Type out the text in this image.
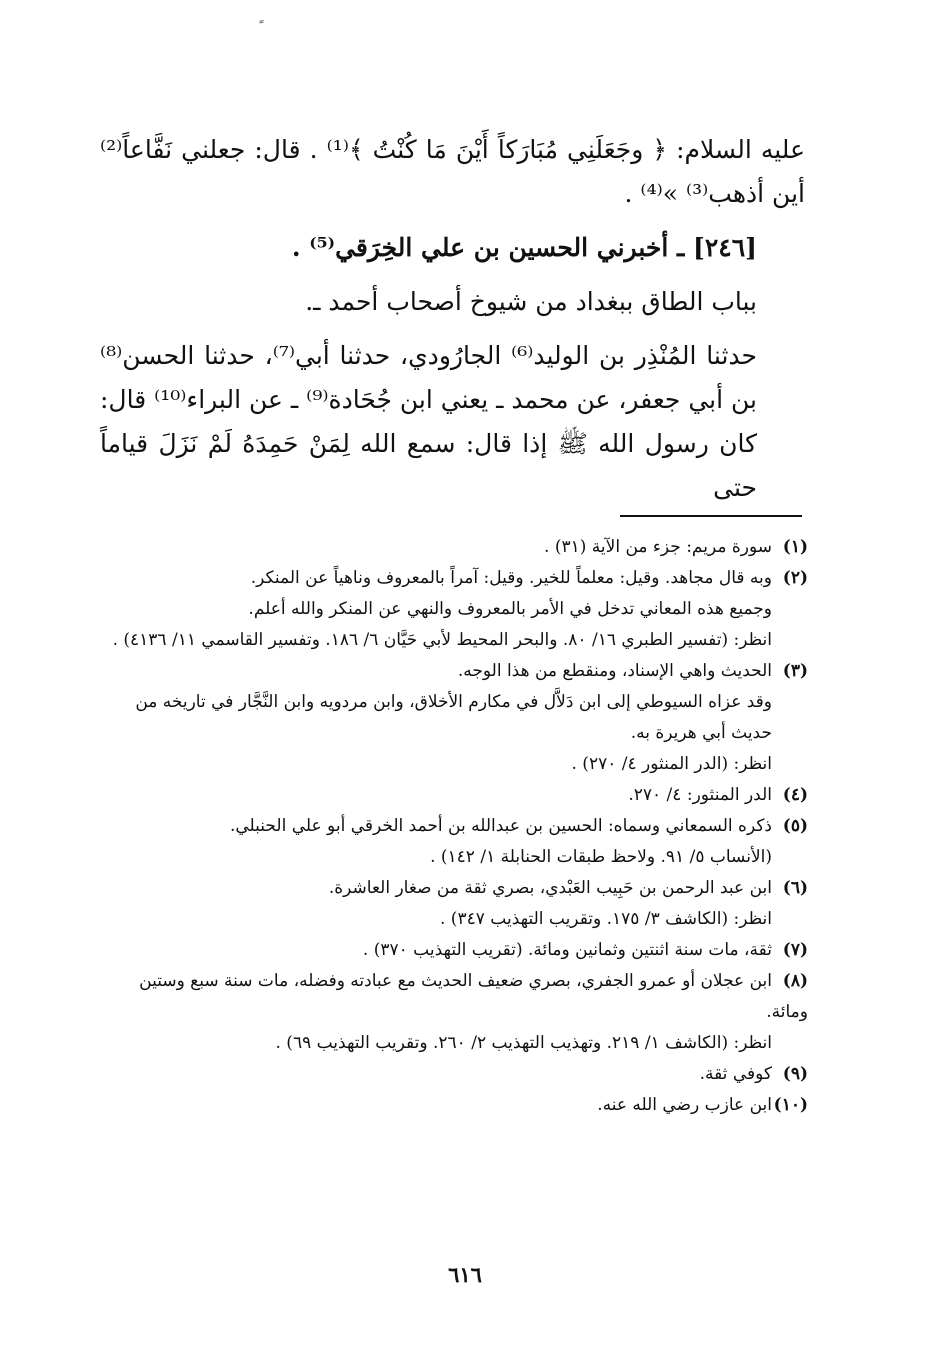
عليه السلام: ﴿ وجَعَلَنِي مُبَارَكاً أَيْنَ مَا كُنْتُ ﴾⁽¹⁾ . قال: جعلني نَفَّاعاً⁽²⁾ أين أذهب⁽³⁾ »⁽⁴⁾ .

[٢٤٦] ـ أخبرني الحسين بن علي الخِرَقي⁽⁵⁾ .

بباب الطاق ببغداد من شيوخ أصحاب أحمد ـ.

حدثنا المُنْذِر بن الوليد⁽⁶⁾ الجارُودي، حدثنا أبي⁽⁷⁾، حدثنا الحسن⁽⁸⁾ بن أبي جعفر، عن محمد ـ يعني ابن جُحَادة⁽⁹⁾ ـ عن البراء⁽¹⁰⁾ قال: كان رسول الله ﷺ إذا قال: سمع الله لِمَنْ حَمِدَهُ لَمْ نَزَلَ قياماً حتى

(١)سورة مريم: جزء من الآية (٣١) .
(٢)وبه قال مجاهد. وقيل: معلماً للخير. وقيل: آمراً بالمعروف وناهياً عن المنكر.
وجميع هذه المعاني تدخل في الأمر بالمعروف والنهي عن المنكر والله أعلم.
انظر: (تفسير الطبري ١٦/ ٨٠. والبحر المحيط لأبي حَيَّان ٦/ ١٨٦. وتفسير القاسمي ١١/ ٤١٣٦) .
(٣)الحديث واهي الإسناد، ومنقطع من هذا الوجه.
وقد عزاه السيوطي إلى ابن دَلاَّل في مكارم الأخلاق، وابن مردويه وابن النَّجَّار في تاريخه من حديث أبي هريرة به.
انظر: (الدر المنثور ٤/ ٢٧٠) .
(٤)الدر المنثور: ٤/ ٢٧٠.
(٥)ذكره السمعاني وسماه: الحسين بن عبدالله بن أحمد الخرقي أبو علي الحنبلي.
(الأنساب ٥/ ٩١. ولاحظ طبقات الحنابلة ١/ ١٤٢) .
(٦)ابن عبد الرحمن بن حَبِيب العَبْدي، بصري ثقة من صغار العاشرة.
انظر: (الكاشف ٣/ ١٧٥. وتقريب التهذيب ٣٤٧) .
(٧)ثقة، مات سنة اثنتين وثمانين ومائة. (تقريب التهذيب ٣٧٠) .
(٨)ابن عجلان أو عمرو الجفري، بصري ضعيف الحديث مع عبادته وفضله، مات سنة سبع وستين ومائة.
انظر: (الكاشف ١/ ٢١٩. وتهذيب التهذيب ٢/ ٢٦٠. وتقريب التهذيب ٦٩) .
(٩)كوفي ثقة.
(١٠)ابن عازب رضي الله عنه.
٦١٦
